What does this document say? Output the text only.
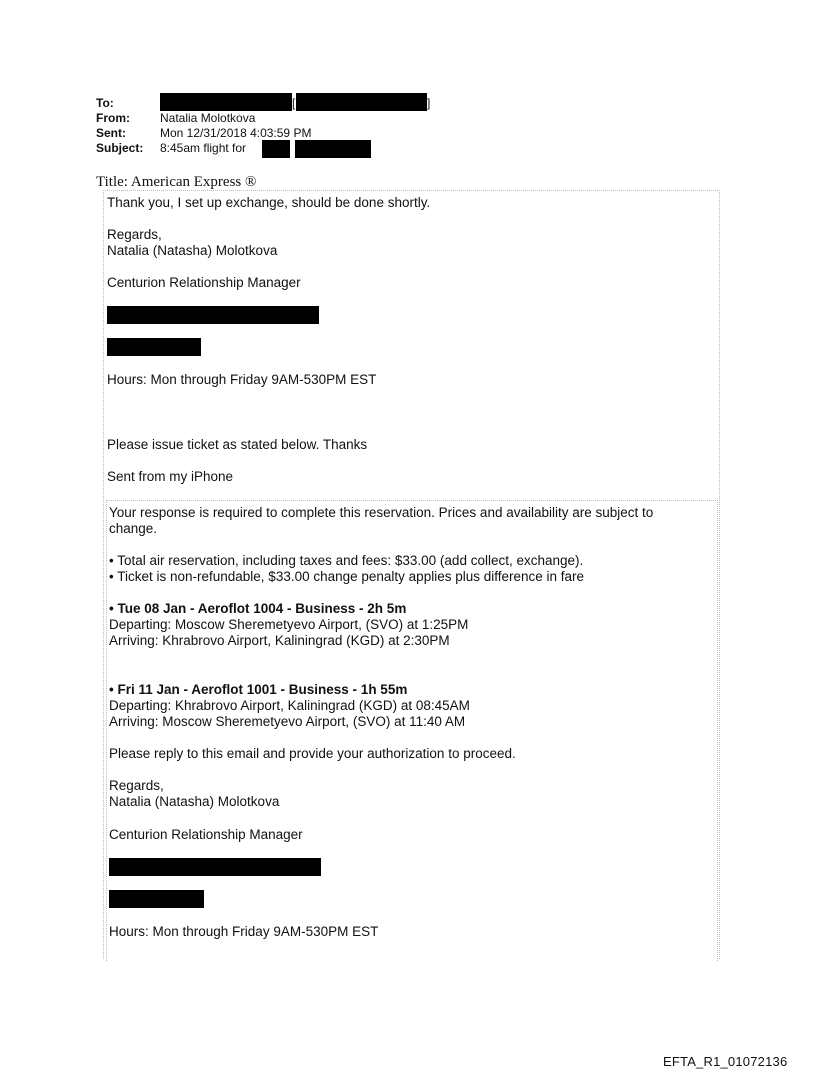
To:	[	]
From:	Natalia Molotkova
Sent:	Mon 12/31/2018 4:03:59 PM
Subject: 8:45am flight for
Title: American Express ®
Thank you, I set up exchange, should be done shortly.
Regards,
Natalia (Natasha) Molotkova
Centurion Relationship Manager
Hours: Mon through Friday 9AM-530PM EST
Please issue ticket as stated below. Thanks
Sent from my iPhone
Your response is required to complete this reservation. Prices and availability are subject to
change.
• Total air reservation, including taxes and fees: $33.00 (add collect, exchange).
• Ticket is non-refundable, $33.00 change penalty applies plus difference in fare
• Tue 08 Jan - Aeroflot 1004 - Business - 2h 5m
Departing: Moscow Sheremetyevo Airport, (SVO) at 1:25PM
Arriving: Khrabrovo Airport, Kaliningrad (KGD) at 2:30PM
• Fri 11 Jan - Aeroflot 1001 - Business - 1h 55m
Departing: Khrabrovo Airport, Kaliningrad (KGD) at 08:45AM
Arriving: Moscow Sheremetyevo Airport, (SVO) at 11:40 AM
Please reply to this email and provide your authorization to proceed.
Regards,
Natalia (Natasha) Molotkova
Centurion Relationship Manager
Hours: Mon through Friday 9AM-530PM EST
EFTA_R1_01072136
